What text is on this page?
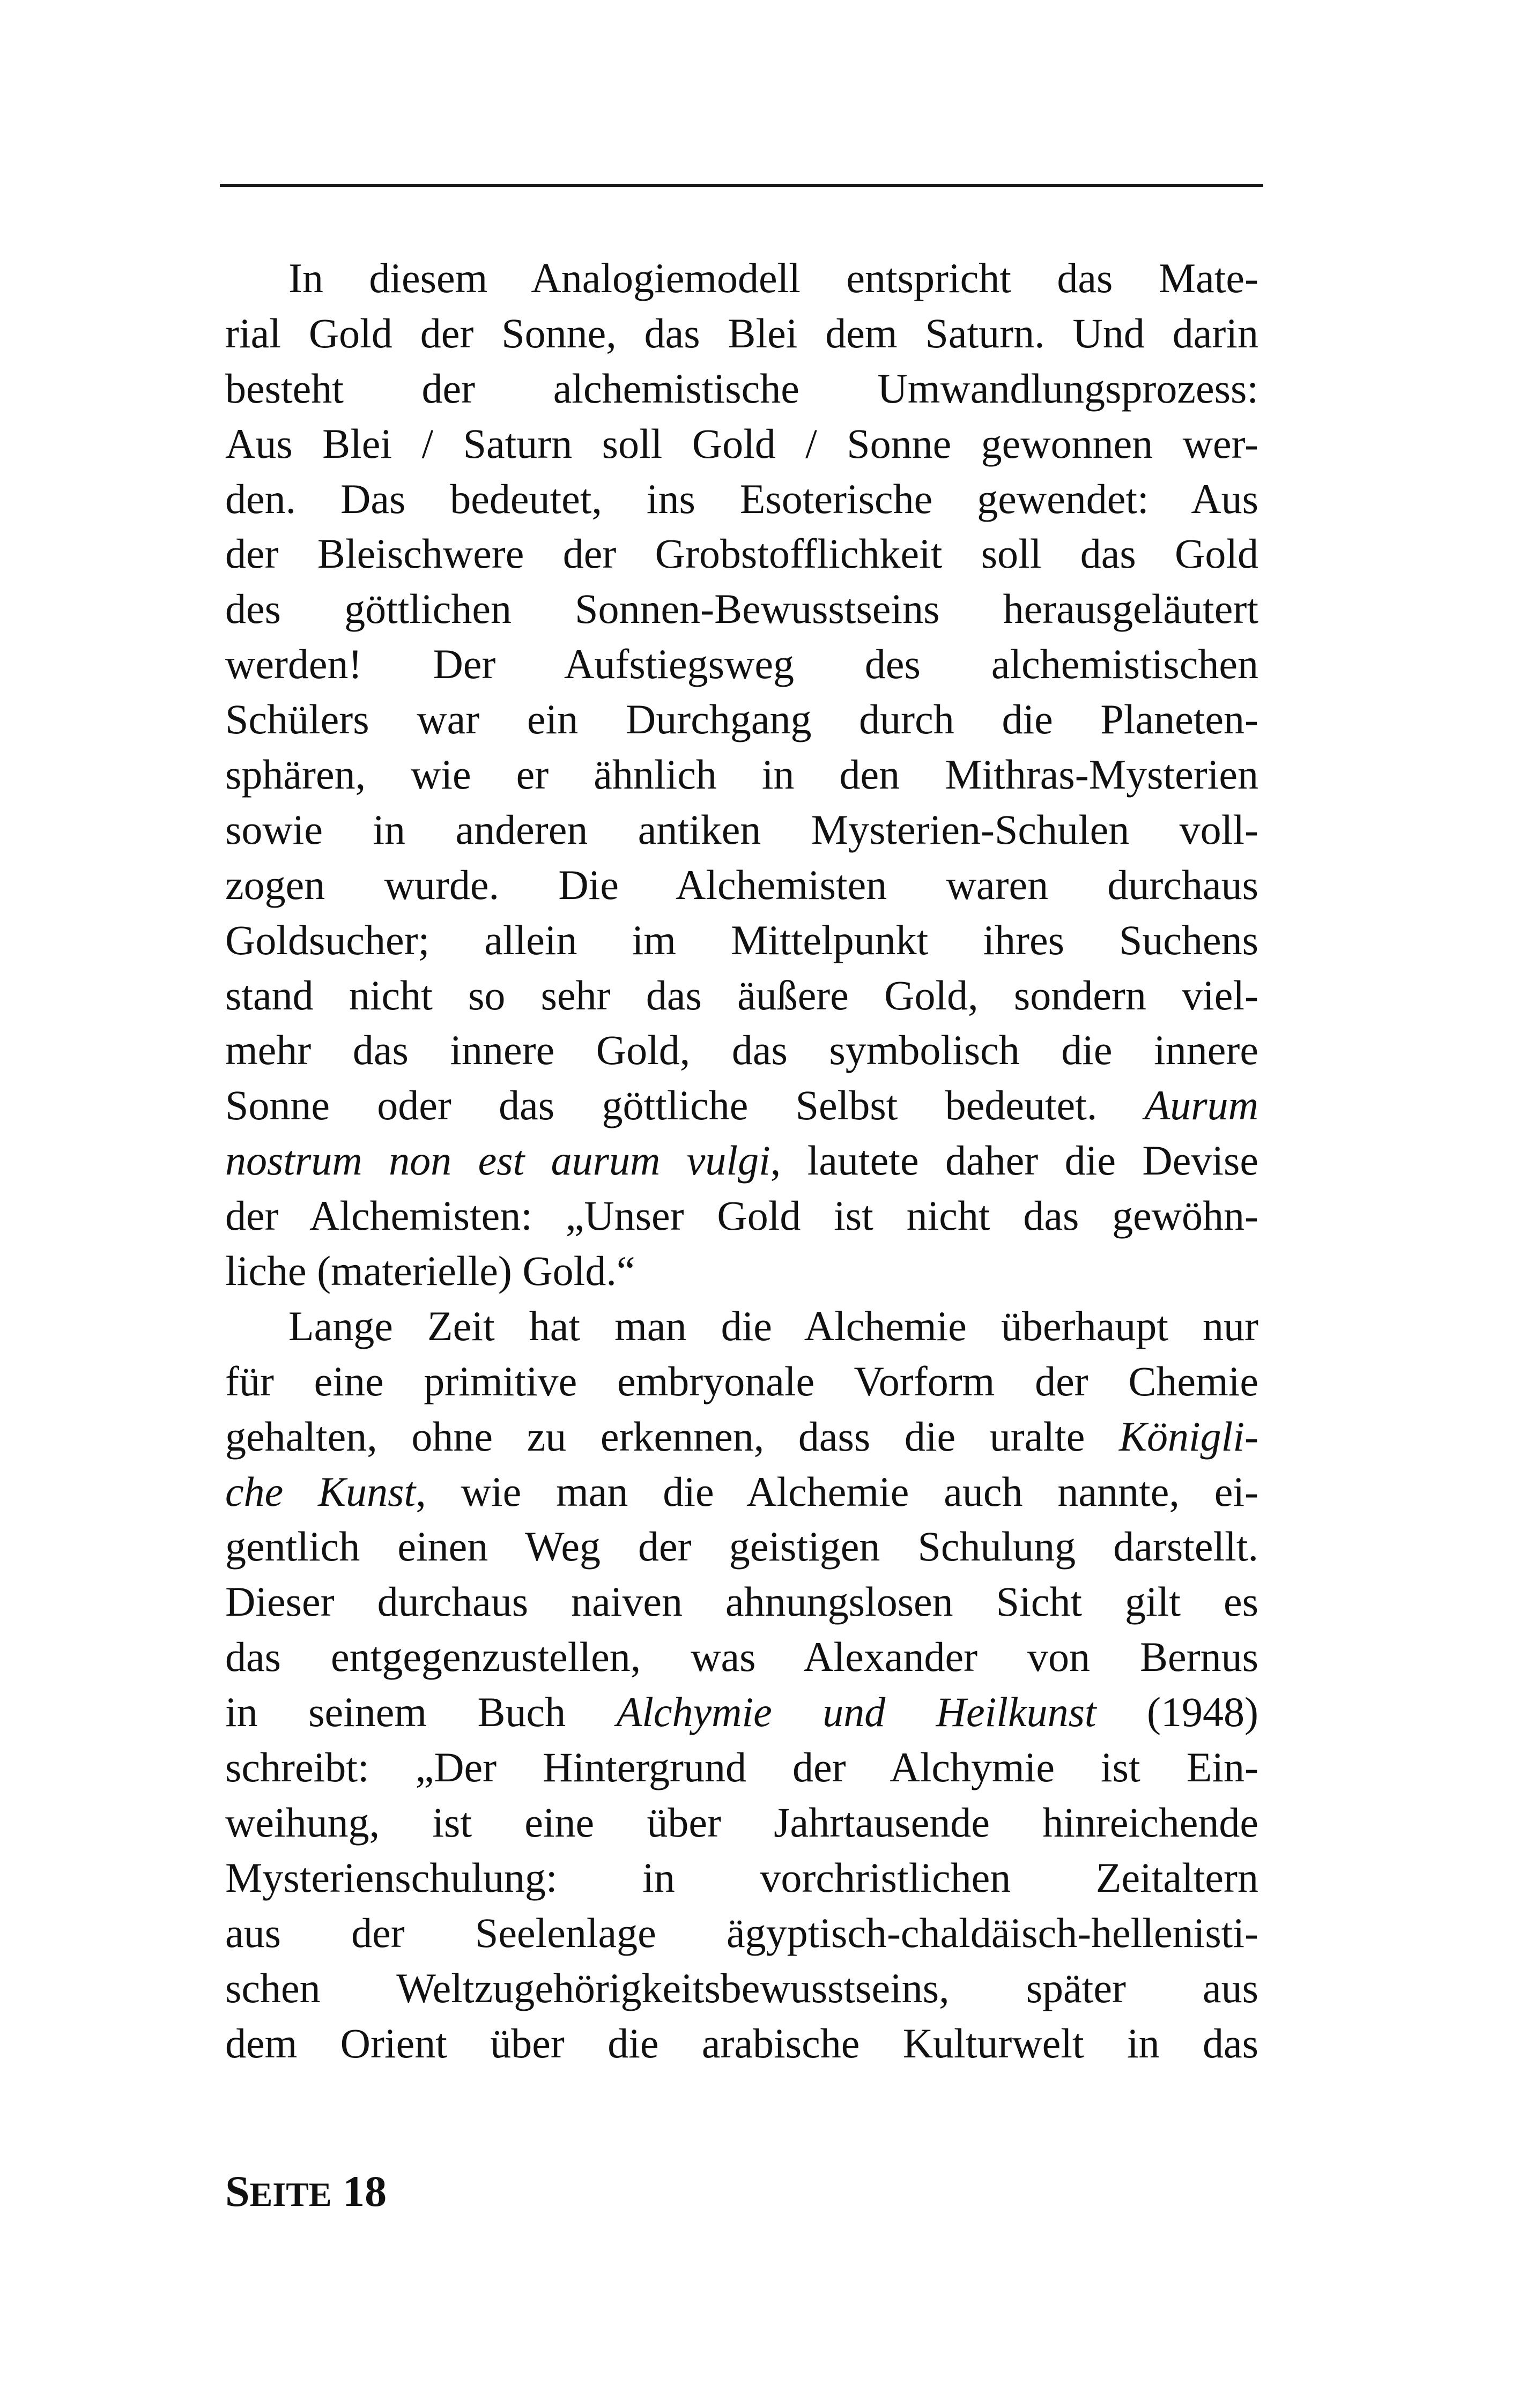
In diesem Analogiemodell entspricht das Mate-
rial Gold der Sonne, das Blei dem Saturn. Und darin
besteht der alchemistische Umwandlungsprozess:
Aus Blei / Saturn soll Gold / Sonne gewonnen wer-
den. Das bedeutet, ins Esoterische gewendet: Aus
der Bleischwere der Grobstofflichkeit soll das Gold
des göttlichen Sonnen-Bewusstseins herausgeläutert
werden! Der Aufstiegsweg des alchemistischen
Schülers war ein Durchgang durch die Planeten-
sphären, wie er ähnlich in den Mithras-Mysterien
sowie in anderen antiken Mysterien-Schulen voll-
zogen wurde. Die Alchemisten waren durchaus
Goldsucher; allein im Mittelpunkt ihres Suchens
stand nicht so sehr das äußere Gold, sondern viel-
mehr das innere Gold, das symbolisch die innere
Sonne oder das göttliche Selbst bedeutet. Aurum
nostrum non est aurum vulgi, lautete daher die Devise
der Alchemisten: „Unser Gold ist nicht das gewöhn-
liche (materielle) Gold.“
Lange Zeit hat man die Alchemie überhaupt nur
für eine primitive embryonale Vorform der Chemie
gehalten, ohne zu erkennen, dass die uralte Königli-
che Kunst, wie man die Alchemie auch nannte, ei-
gentlich einen Weg der geistigen Schulung darstellt.
Dieser durchaus naiven ahnungslosen Sicht gilt es
das entgegenzustellen, was Alexander von Bernus
in seinem Buch Alchymie und Heilkunst (1948)
schreibt: „Der Hintergrund der Alchymie ist Ein-
weihung, ist eine über Jahrtausende hinreichende
Mysterienschulung: in vorchristlichen Zeitaltern
aus der Seelenlage ägyptisch-chaldäisch-hellenisti-
schen Weltzugehörigkeitsbewusstseins, später aus
dem Orient über die arabische Kulturwelt in das
SEITE 18
